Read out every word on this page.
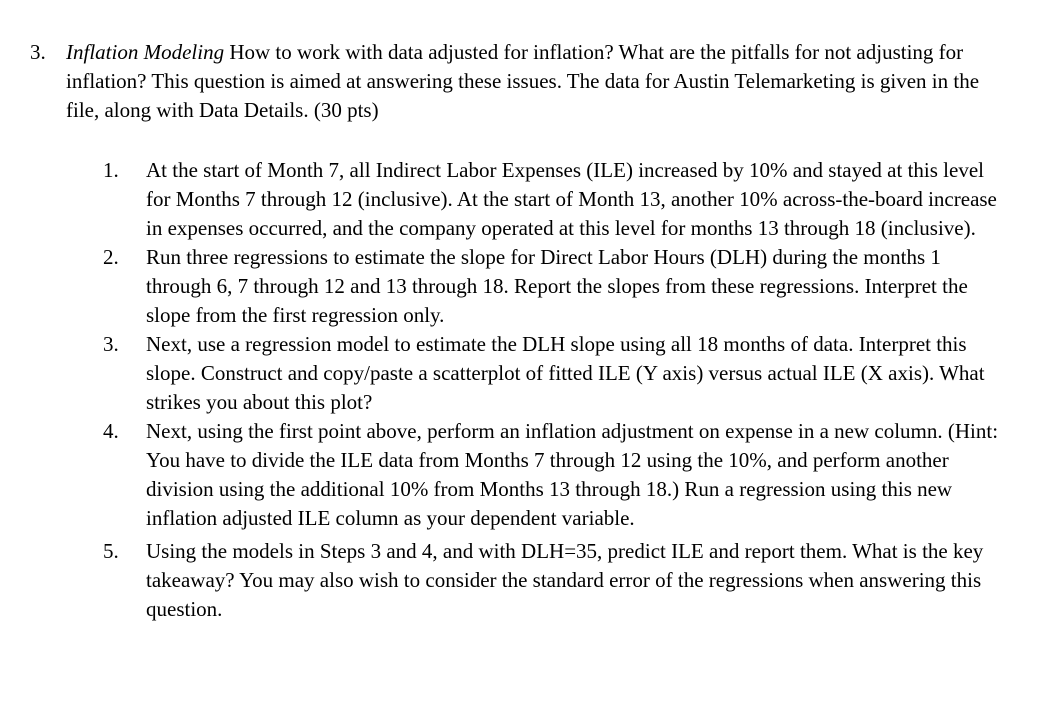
3. Inflation Modeling How to work with data adjusted for inflation? What are the pitfalls for not adjusting for inflation? This question is aimed at answering these issues. The data for Austin Telemarketing is given in the file, along with Data Details. (30 pts)
1.	At the start of Month 7, all Indirect Labor Expenses (ILE) increased by 10% and stayed at this level for Months 7 through 12 (inclusive). At the start of Month 13, another 10% across-the-board increase in expenses occurred, and the company operated at this level for months 13 through 18 (inclusive).
2.	Run three regressions to estimate the slope for Direct Labor Hours (DLH) during the months 1 through 6, 7 through 12 and 13 through 18. Report the slopes from these regressions. Interpret the slope from the first regression only.
3.	Next, use a regression model to estimate the DLH slope using all 18 months of data. Interpret this slope. Construct and copy/paste a scatterplot of fitted ILE (Y axis) versus actual ILE (X axis). What strikes you about this plot?
4.	Next, using the first point above, perform an inflation adjustment on expense in a new column. (Hint: You have to divide the ILE data from Months 7 through 12 using the 10%, and perform another division using the additional 10% from Months 13 through 18.) Run a regression using this new inflation adjusted ILE column as your dependent variable.
5.	Using the models in Steps 3 and 4, and with DLH=35, predict ILE and report them. What is the key takeaway? You may also wish to consider the standard error of the regressions when answering this question.
